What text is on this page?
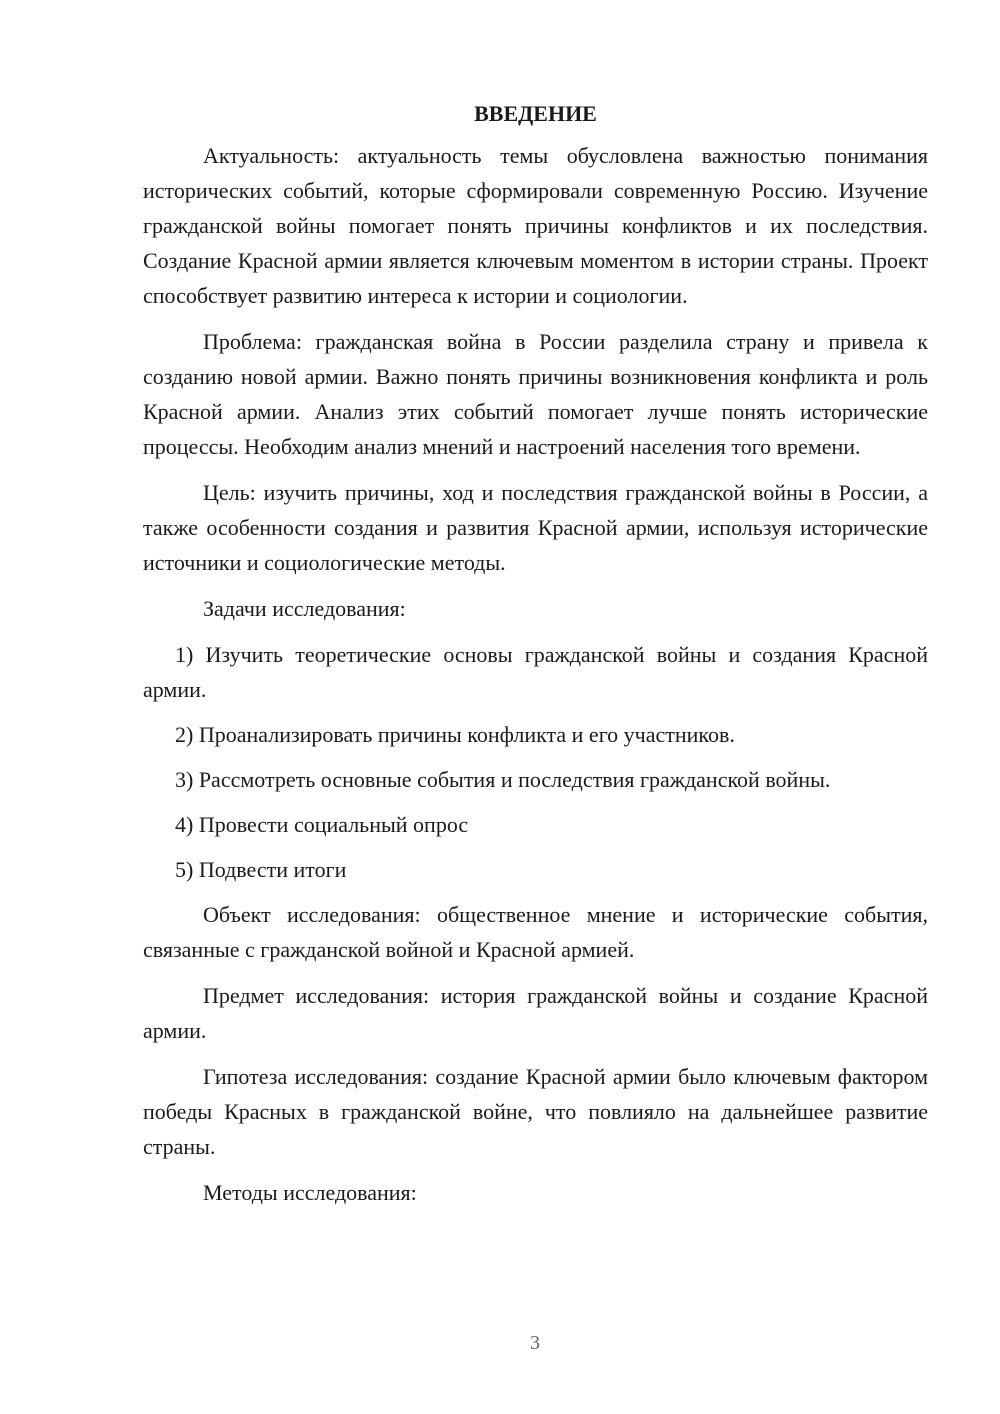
ВВЕДЕНИЕ

Актуальность: актуальность темы обусловлена важностью понимания исторических событий, которые сформировали современную Россию. Изучение гражданской войны помогает понять причины конфликтов и их последствия. Создание Красной армии является ключевым моментом в истории страны. Проект способствует развитию интереса к истории и социологии.

Проблема: гражданская война в России разделила страну и привела к созданию новой армии. Важно понять причины возникновения конфликта и роль Красной армии. Анализ этих событий помогает лучше понять исторические процессы. Необходим анализ мнений и настроений населения того времени.

Цель: изучить причины, ход и последствия гражданской войны в России, а также особенности создания и развития Красной армии, используя исторические источники и социологические методы.

Задачи исследования:

1) Изучить теоретические основы гражданской войны и создания Красной армии.

2) Проанализировать причины конфликта и его участников.

3) Рассмотреть основные события и последствия гражданской войны.

4) Провести социальный опрос

5) Подвести итоги

Объект исследования: общественное мнение и исторические события, связанные с гражданской войной и Красной армией.

Предмет исследования: история гражданской войны и создание Красной армии.

Гипотеза исследования: создание Красной армии было ключевым фактором победы Красных в гражданской войне, что повлияло на дальнейшее развитие страны.

Методы исследования:

3
